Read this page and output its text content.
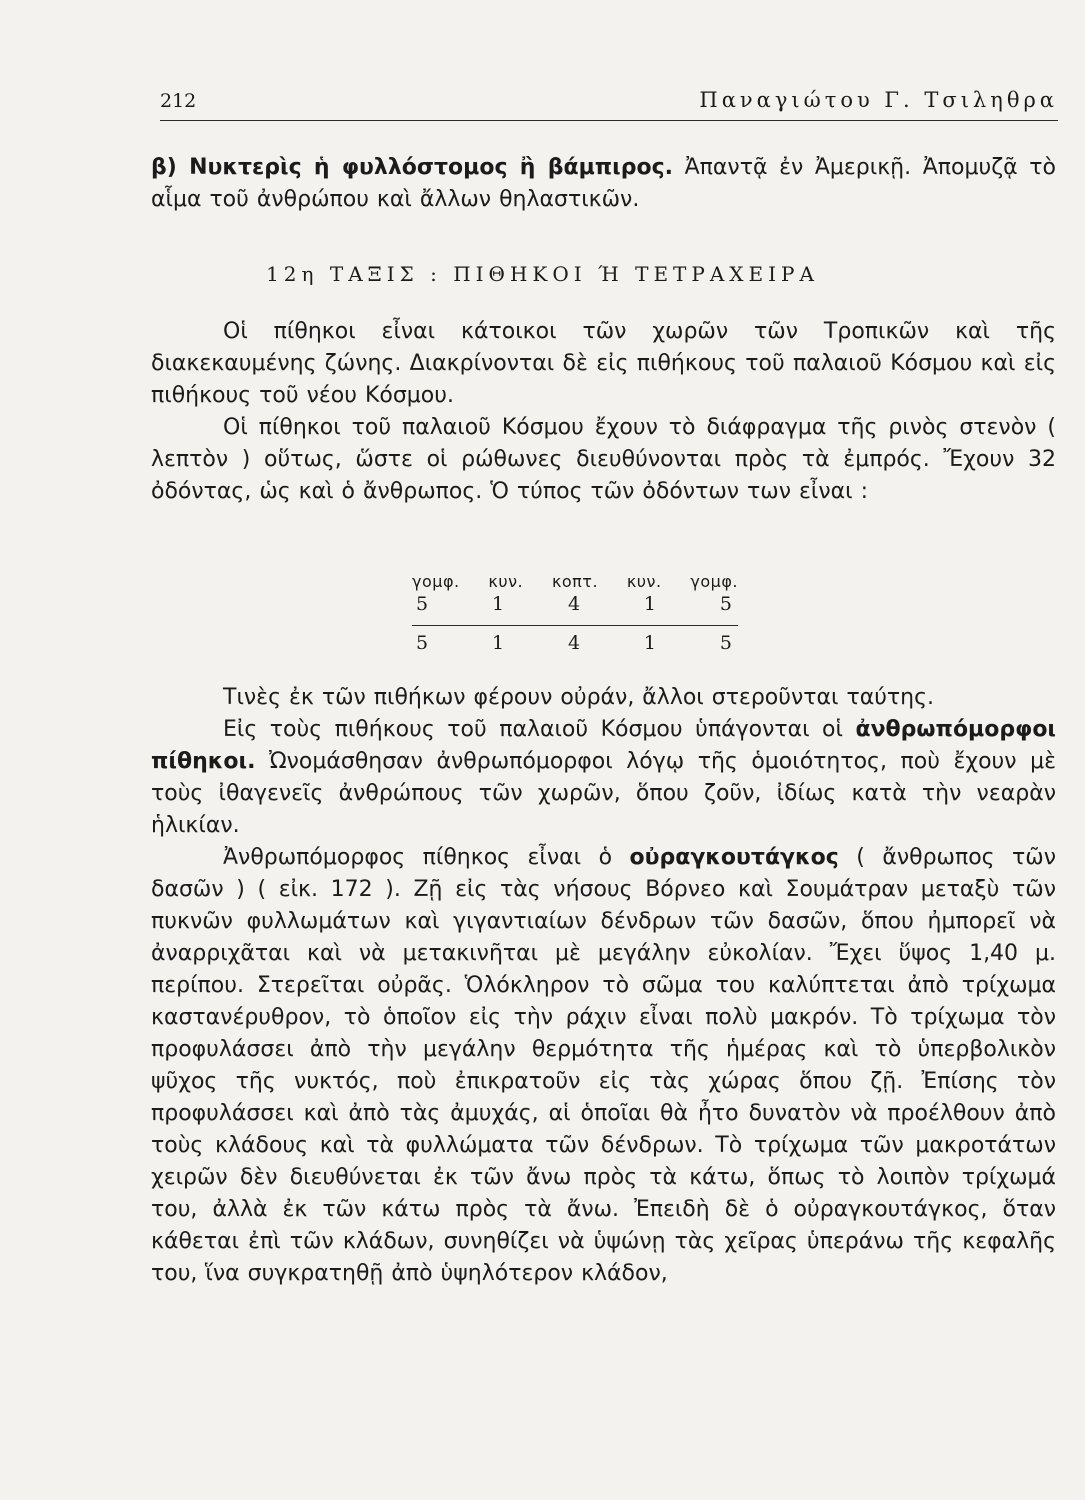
212	Παναγιώτου Γ. Τσιληθρα

β) Νυκτερὶς ἡ φυλλόστομος ἢ βάμπιρος. Ἀπαντᾷ ἐν Ἀμερικῇ. Ἀπομυζᾷ τὸ αἷμα τοῦ ἀνθρώπου καὶ ἄλλων θηλαστικῶν.

12η ΤΑΞΙΣ : ΠΙΘΗΚΟΙ Ή ΤΕΤΡΑΧΕΙΡΑ

Οἱ πίθηκοι εἶναι κάτοικοι τῶν χωρῶν τῶν Τροπικῶν καὶ τῆς διακεκαυμένης ζώνης. Διακρίνονται δὲ εἰς πιθήκους τοῦ παλαιοῦ Κόσμου καὶ εἰς πιθήκους τοῦ νέου Κόσμου.

Οἱ πίθηκοι τοῦ παλαιοῦ Κόσμου ἔχουν τὸ διάφραγμα τῆς ρινὸς στενὸν ( λεπτὸν ) οὕτως, ὥστε οἱ ρώθωνες διευθύνονται πρὸς τὰ ἐμπρός. Ἔχουν 32 ὀδόντας, ὡς καὶ ὁ ἄνθρωπος. Ὁ τύπος τῶν ὀδόντων των εἶναι :

γομφ. κυν. κοπτ. κυν. γομφ.
5	1	4	1	5
5	1	4	1	5

Τινὲς ἐκ τῶν πιθήκων φέρουν οὐράν, ἄλλοι στεροῦνται ταύτης.

Εἰς τοὺς πιθήκους τοῦ παλαιοῦ Κόσμου ὑπάγονται οἱ ἀνθρωπόμορφοι πίθηκοι. Ὠνομάσθησαν ἀνθρωπόμορφοι λόγῳ τῆς ὁμοιότητος, ποὺ ἔχουν μὲ τοὺς ἰθαγενεῖς ἀνθρώπους τῶν χωρῶν, ὅπου ζοῦν, ἰδίως κατὰ τὴν νεαρὰν ἡλικίαν.

Ἀνθρωπόμορφος πίθηκος εἶναι ὁ οὐραγκουτάγκος ( ἄνθρωπος τῶν δασῶν ) ( εἰκ. 172 ). Ζῇ εἰς τὰς νήσους Βόρνεο καὶ Σουμάτραν μεταξὺ τῶν πυκνῶν φυλλωμάτων καὶ γιγαντιαίων δένδρων τῶν δασῶν, ὅπου ἠμπορεῖ νὰ ἀναρριχᾶται καὶ νὰ μετακινῆται μὲ μεγάλην εὐκολίαν. Ἔχει ὕψος 1,40 μ. περίπου. Στερεῖται οὐρᾶς. Ὁλόκληρον τὸ σῶμα του καλύπτεται ἀπὸ τρίχωμα καστανέρυθρον, τὸ ὁποῖον εἰς τὴν ράχιν εἶναι πολὺ μακρόν. Τὸ τρίχωμα τὸν προφυλάσσει ἀπὸ τὴν μεγάλην θερμότητα τῆς ἡμέρας καὶ τὸ ὑπερβολικὸν ψῦχος τῆς νυκτός, ποὺ ἐπικρατοῦν εἰς τὰς χώρας ὅπου ζῇ. Ἐπίσης τὸν προφυλάσσει καὶ ἀπὸ τὰς ἀμυχάς, αἱ ὁποῖαι θὰ ἦτο δυνατὸν νὰ προέλθουν ἀπὸ τοὺς κλάδους καὶ τὰ φυλλώματα τῶν δένδρων. Τὸ τρίχωμα τῶν μακροτάτων χειρῶν δὲν διευθύνεται ἐκ τῶν ἄνω πρὸς τὰ κάτω, ὅπως τὸ λοιπὸν τρίχωμά του, ἀλλὰ ἐκ τῶν κάτω πρὸς τὰ ἄνω. Ἐπειδὴ δὲ ὁ οὐραγκουτάγκος, ὅταν κάθεται ἐπὶ τῶν κλάδων, συνηθίζει νὰ ὑψώνῃ τὰς χεῖρας ὑπεράνω τῆς κεφαλῆς του, ἵνα συγκρατηθῇ ἀπὸ ὑψηλότερον κλάδον,
